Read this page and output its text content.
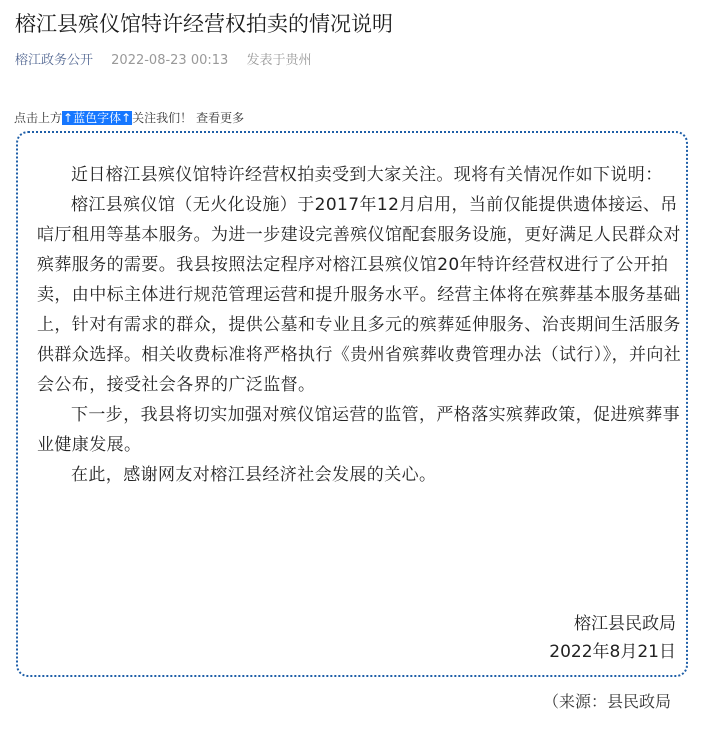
榕江县殡仪馆特许经营权拍卖的情况说明
榕江政务公开 2022-08-23 00:13 发表于贵州
点击上方↑蓝色字体↑关注我们！ 查看更多

近日榕江县殡仪馆特许经营权拍卖受到大家关注。现将有关情况作如下说明：

榕江县殡仪馆（无火化设施）于2017年12月启用，当前仅能提供遗体接运、吊唁厅租用等基本服务。为进一步建设完善殡仪馆配套服务设施，更好满足人民群众对殡葬服务的需要。我县按照法定程序对榕江县殡仪馆20年特许经营权进行了公开拍卖，由中标主体进行规范管理运营和提升服务水平。经营主体将在殡葬基本服务基础上，针对有需求的群众，提供公墓和专业且多元的殡葬延伸服务、治丧期间生活服务供群众选择。相关收费标准将严格执行《贵州省殡葬收费管理办法（试行）》，并向社会公布，接受社会各界的广泛监督。

下一步，我县将切实加强对殡仪馆运营的监管，严格落实殡葬政策，促进殡葬事业健康发展。

在此，感谢网友对榕江县经济社会发展的关心。

榕江县民政局
2022年8月21日
（来源：县民政局
